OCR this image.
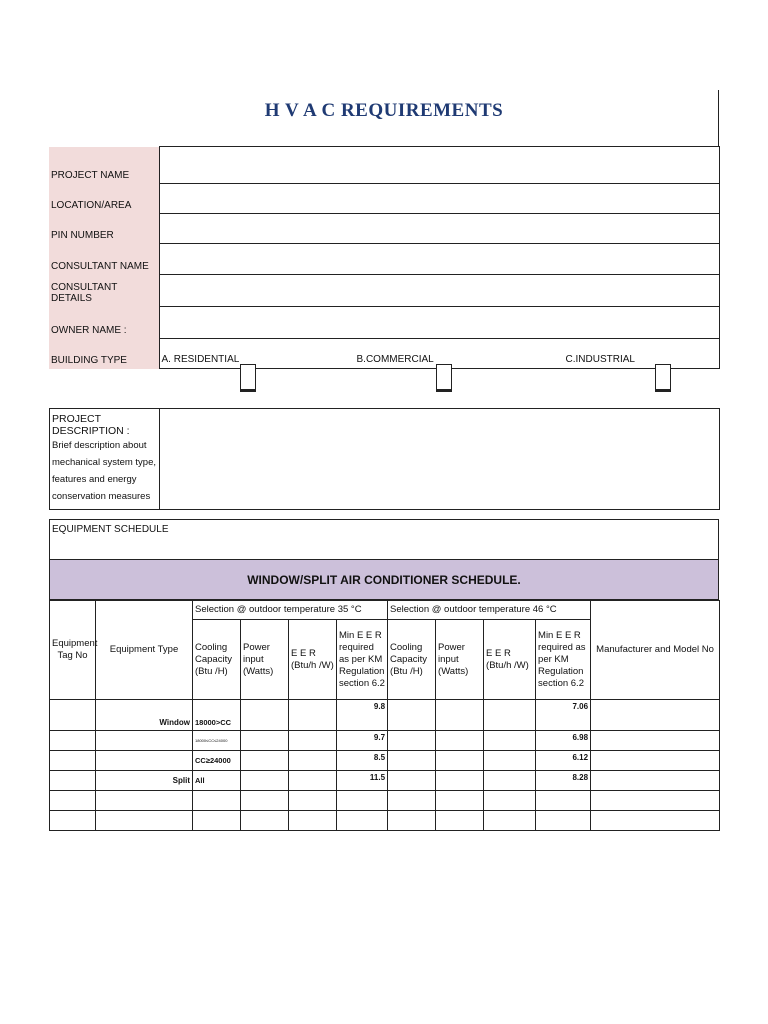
H V A C REQUIREMENTS
PROJECT NAME	
LOCATION/AREA	
PIN NUMBER	
CONSULTANT NAME	
CONSULTANT DETAILS	
OWNER NAME :	
BUILDING TYPE	A. RESIDENTIAL B.COMMERCIAL C.INDUSTRIAL
PROJECT DESCRIPTION :
Brief description about
mechanical system type,
features and energy
conservation measures

EQUIPMENT SCHEDULE
WINDOW/SPLIT AIR CONDITIONER SCHEDULE.
Equipment Tag No	Equipment Type	Selection @ outdoor temperature 35 °C				Selection @ outdoor temperature 46 °C				Manufacturer and Model No
		Cooling Capacity (Btu /H)	Power input (Watts)	E E R (Btu/h /W)	Min E E R required as per KM Regulation section 6.2	Cooling Capacity (Btu /H)	Power input (Watts)	E E R (Btu/h /W)	Min E E R required as per KM Regulation section 6.2	
	Window	18000>CC			9.8				7.06	
		18000≤CC≤24000			9.7				6.98	
		CC≥24000			8.5				6.12	
	Split	All			11.5				8.28	
